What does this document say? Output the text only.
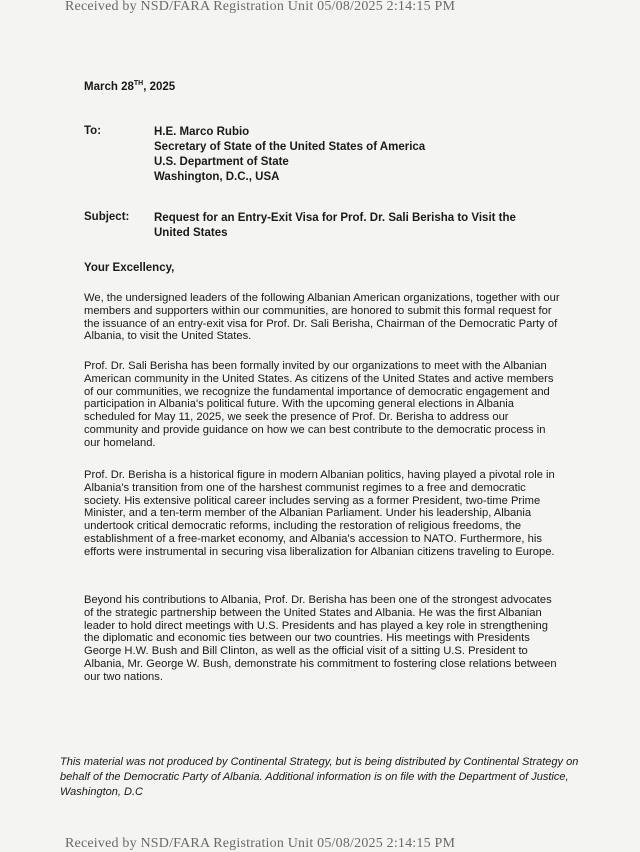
Received by NSD/FARA Registration Unit 05/08/2025 2:14:15 PM
March 28TH, 2025
To:	H.E. Marco Rubio
Secretary of State of the United States of America
U.S. Department of State
Washington, D.C., USA
Subject: Request for an Entry-Exit Visa for Prof. Dr. Sali Berisha to Visit the United States
Your Excellency,

We, the undersigned leaders of the following Albanian American organizations, together with our members and supporters within our communities, are honored to submit this formal request for the issuance of an entry-exit visa for Prof. Dr. Sali Berisha, Chairman of the Democratic Party of Albania, to visit the United States.

Prof. Dr. Sali Berisha has been formally invited by our organizations to meet with the Albanian American community in the United States. As citizens of the United States and active members of our communities, we recognize the fundamental importance of democratic engagement and participation in Albania's political future. With the upcoming general elections in Albania scheduled for May 11, 2025, we seek the presence of Prof. Dr. Berisha to address our community and provide guidance on how we can best contribute to the democratic process in our homeland.

Prof. Dr. Berisha is a historical figure in modern Albanian politics, having played a pivotal role in Albania's transition from one of the harshest communist regimes to a free and democratic society. His extensive political career includes serving as a former President, two-time Prime Minister, and a ten-term member of the Albanian Parliament. Under his leadership, Albania undertook critical democratic reforms, including the restoration of religious freedoms, the establishment of a free-market economy, and Albania's accession to NATO. Furthermore, his efforts were instrumental in securing visa liberalization for Albanian citizens traveling to Europe.

Beyond his contributions to Albania, Prof. Dr. Berisha has been one of the strongest advocates of the strategic partnership between the United States and Albania. He was the first Albanian leader to hold direct meetings with U.S. Presidents and has played a key role in strengthening the diplomatic and economic ties between our two countries. His meetings with Presidents George H.W. Bush and Bill Clinton, as well as the official visit of a sitting U.S. President to Albania, Mr. George W. Bush, demonstrate his commitment to fostering close relations between our two nations.

This material was not produced by Continental Strategy, but is being distributed by Continental Strategy on behalf of the Democratic Party of Albania. Additional information is on file with the Department of Justice, Washington, D.C
Received by NSD/FARA Registration Unit 05/08/2025 2:14:15 PM
